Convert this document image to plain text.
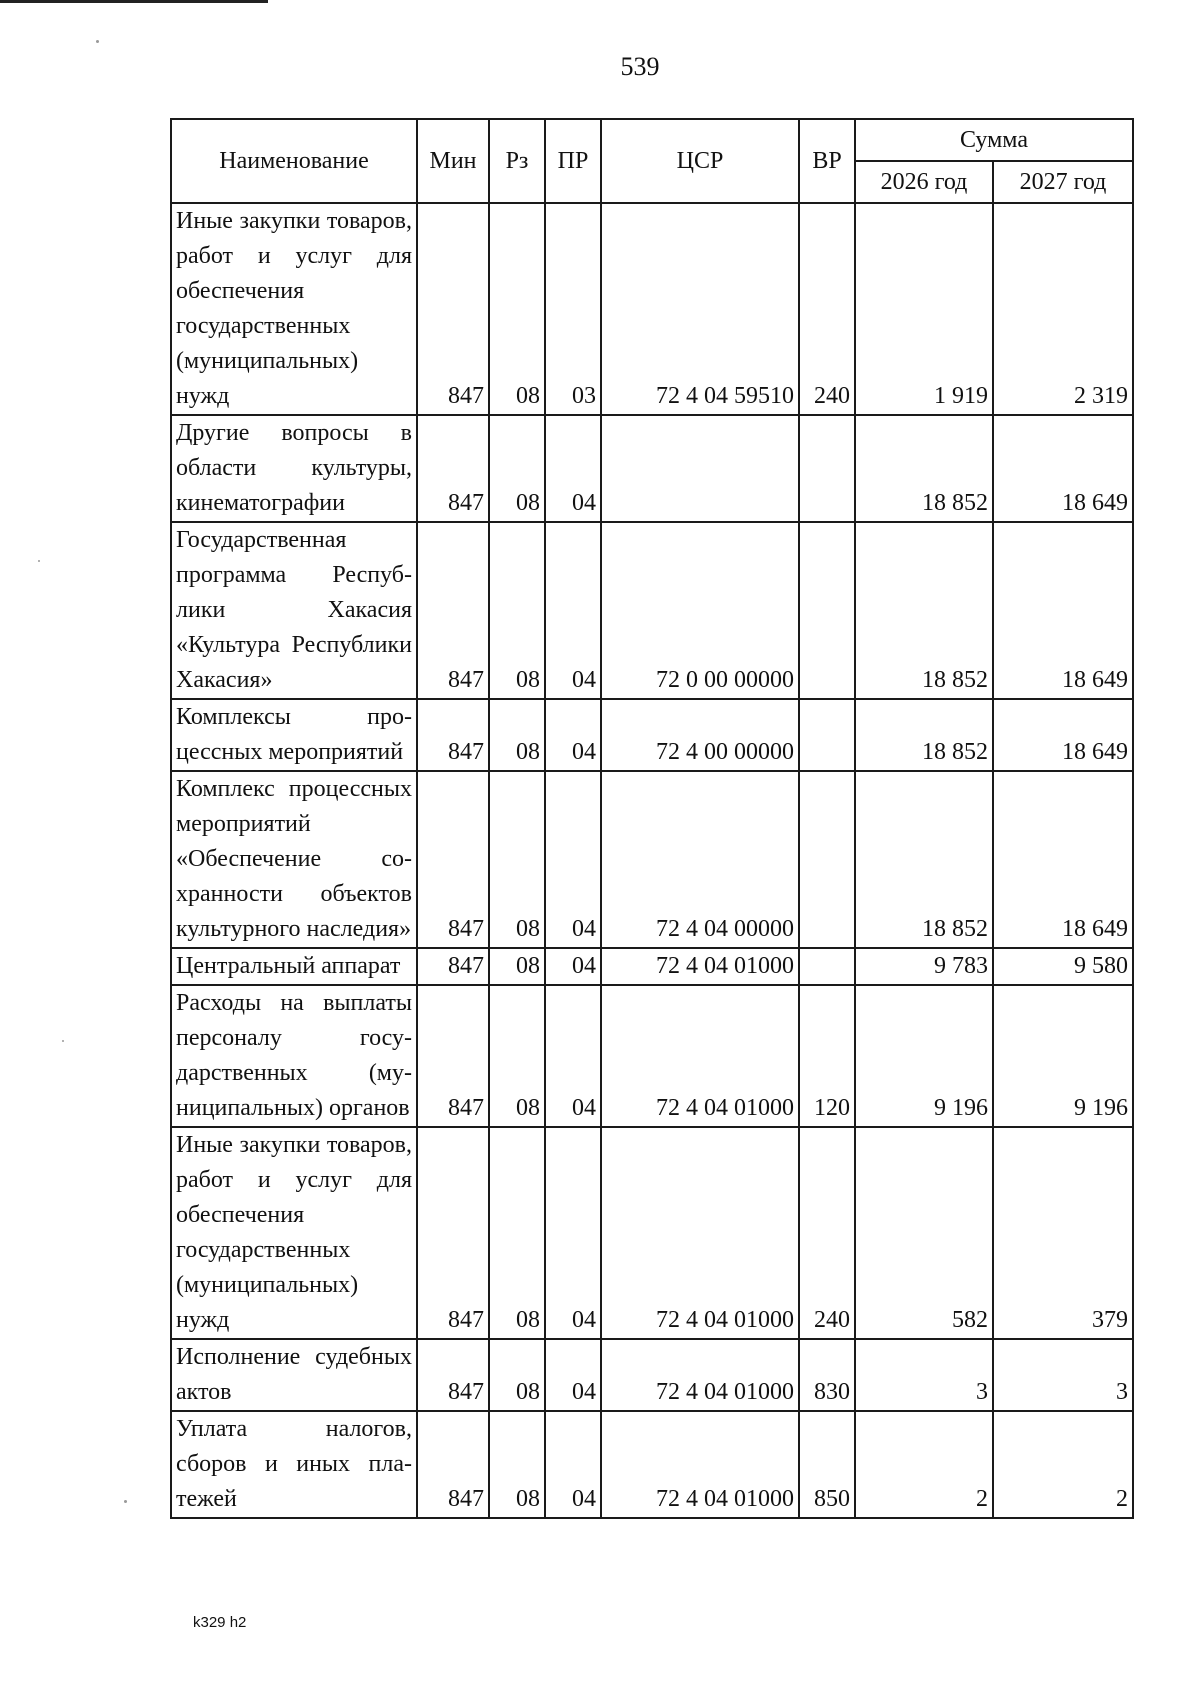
539
Наименование	Мин	Рз	ПР	ЦСР	ВР	Сумма	
						2026 год	2027 год
Иные закупки товаров, работ и услуг для обеспечения государственных (муниципальных) нужд	847	08	03	72 4 04 59510	240	1 919	2 319
Другие вопросы в области культуры, кинематографии	847	08	04			18 852	18 649
Государственная программа Республики Хакасия «Культура Республики Хакасия»	847	08	04	72 0 00 00000		18 852	18 649
Комплексы процессных мероприятий	847	08	04	72 4 00 00000		18 852	18 649
Комплекс процессных мероприятий «Обеспечение сохранности объектов культурного наследия»	847	08	04	72 4 04 00000		18 852	18 649
Центральный аппарат	847	08	04	72 4 04 01000		9 783	9 580
Расходы на выплаты персоналу государственных (муниципальных) органов	847	08	04	72 4 04 01000	120	9 196	9 196
Иные закупки товаров, работ и услуг для обеспечения государственных (муниципальных) нужд	847	08	04	72 4 04 01000	240	582	379
Исполнение судебных актов	847	08	04	72 4 04 01000	830	3	3
Уплата налогов, сборов и иных платежей	847	08	04	72 4 04 01000	850	2	2
k329 h2
